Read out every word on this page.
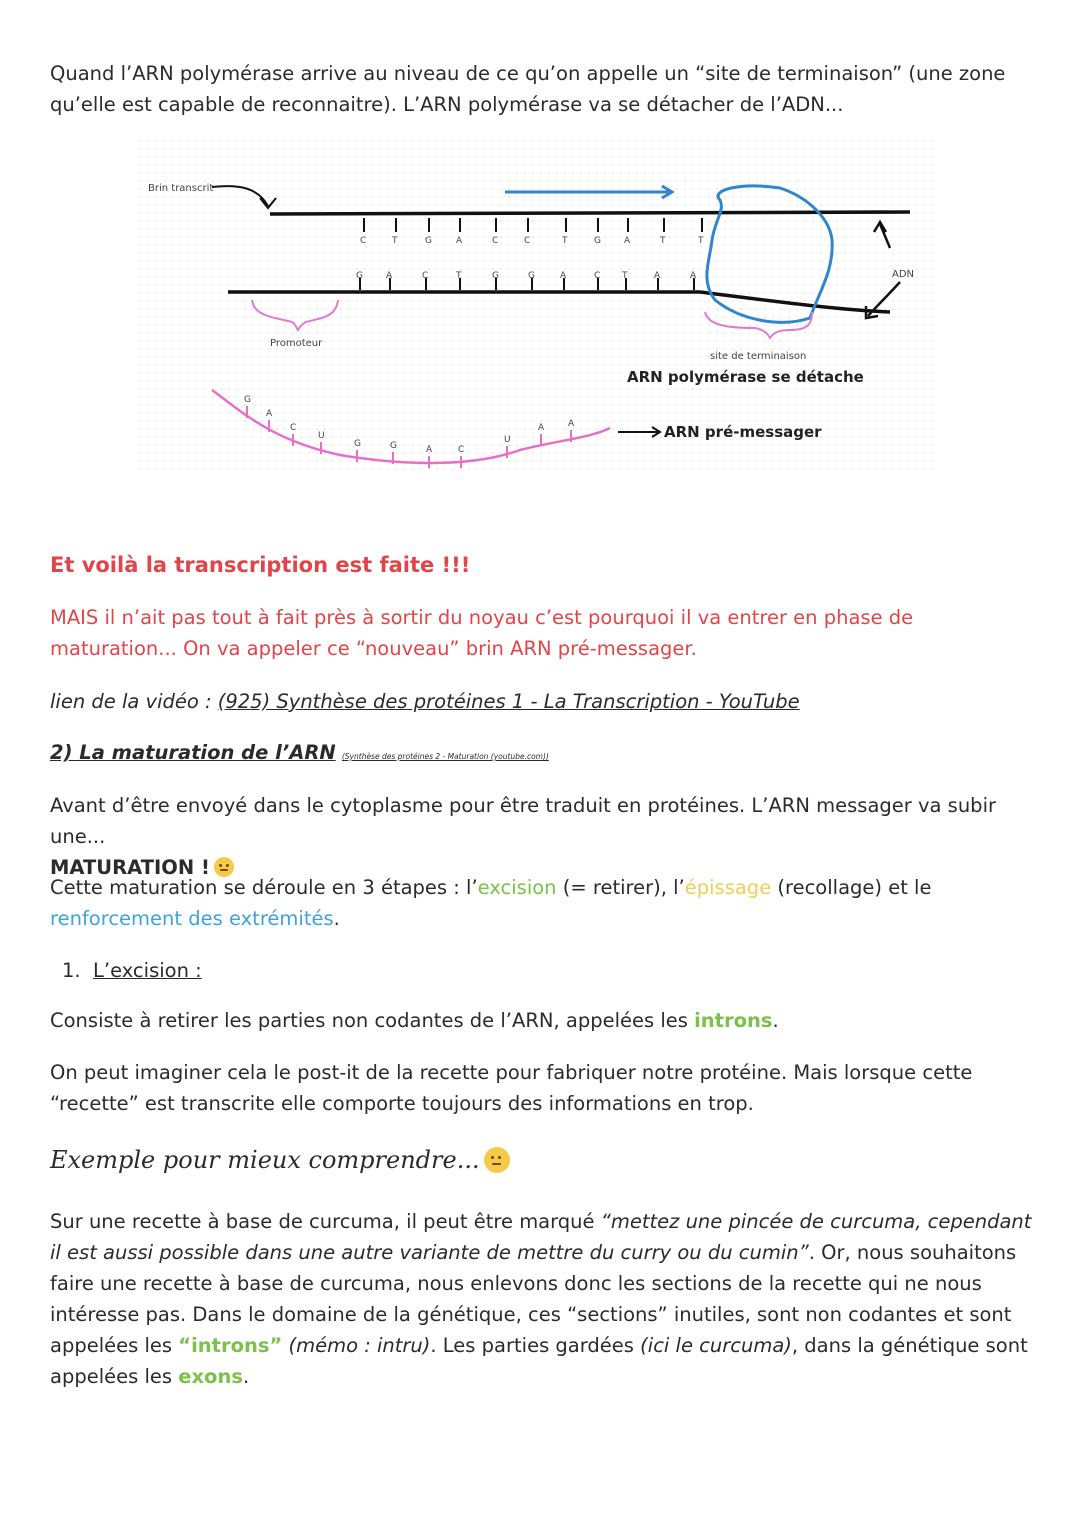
Quand l’ARN polymérase arrive au niveau de ce qu’on appelle un “site de terminaison” (une zone qu’elle est capable de reconnaitre). L’ARN polymérase va se détacher de l’ADN...

Brin transcrit
C	T	G	A	C	C	T	G	A	T	T
G	A	C	T	G	G	A	C T	A	A	ADN
Promoteur
site de terminaison
ARN polymérase se détache
G
A
C
U
G	G	A	C
U
A	A	ARN pré-messager

Et voilà la transcription est faite !!!

MAIS il n’ait pas tout à fait près à sortir du noyau c’est pourquoi il va entrer en phase de maturation... On va appeler ce “nouveau” brin ARN pré-messager.

lien de la vidéo : (925) Synthèse des protéines 1 - La Transcription - YouTube

2) La maturation de l’ARN (Synthèse des protéines 2 - Maturation (youtube.com))

Avant d’être envoyé dans le cytoplasme pour être traduit en protéines. L’ARN messager va subir une...
MATURATION !

Cette maturation se déroule en 3 étapes : l’excision (= retirer), l’épissage (recollage) et le renforcement des extrémités.

1. L’excision :

Consiste à retirer les parties non codantes de l’ARN, appelées les introns.

On peut imaginer cela le post-it de la recette pour fabriquer notre protéine. Mais lorsque cette “recette” est transcrite elle comporte toujours des informations en trop.

Exemple pour mieux comprendre...

Sur une recette à base de curcuma, il peut être marqué “mettez une pincée de curcuma, cependant il est aussi possible dans une autre variante de mettre du curry ou du cumin”. Or, nous souhaitons faire une recette à base de curcuma, nous enlevons donc les sections de la recette qui ne nous intéresse pas. Dans le domaine de la génétique, ces “sections” inutiles, sont non codantes et sont appelées les “introns” (mémo : intru). Les parties gardées (ici le curcuma), dans la génétique sont appelées les exons.
